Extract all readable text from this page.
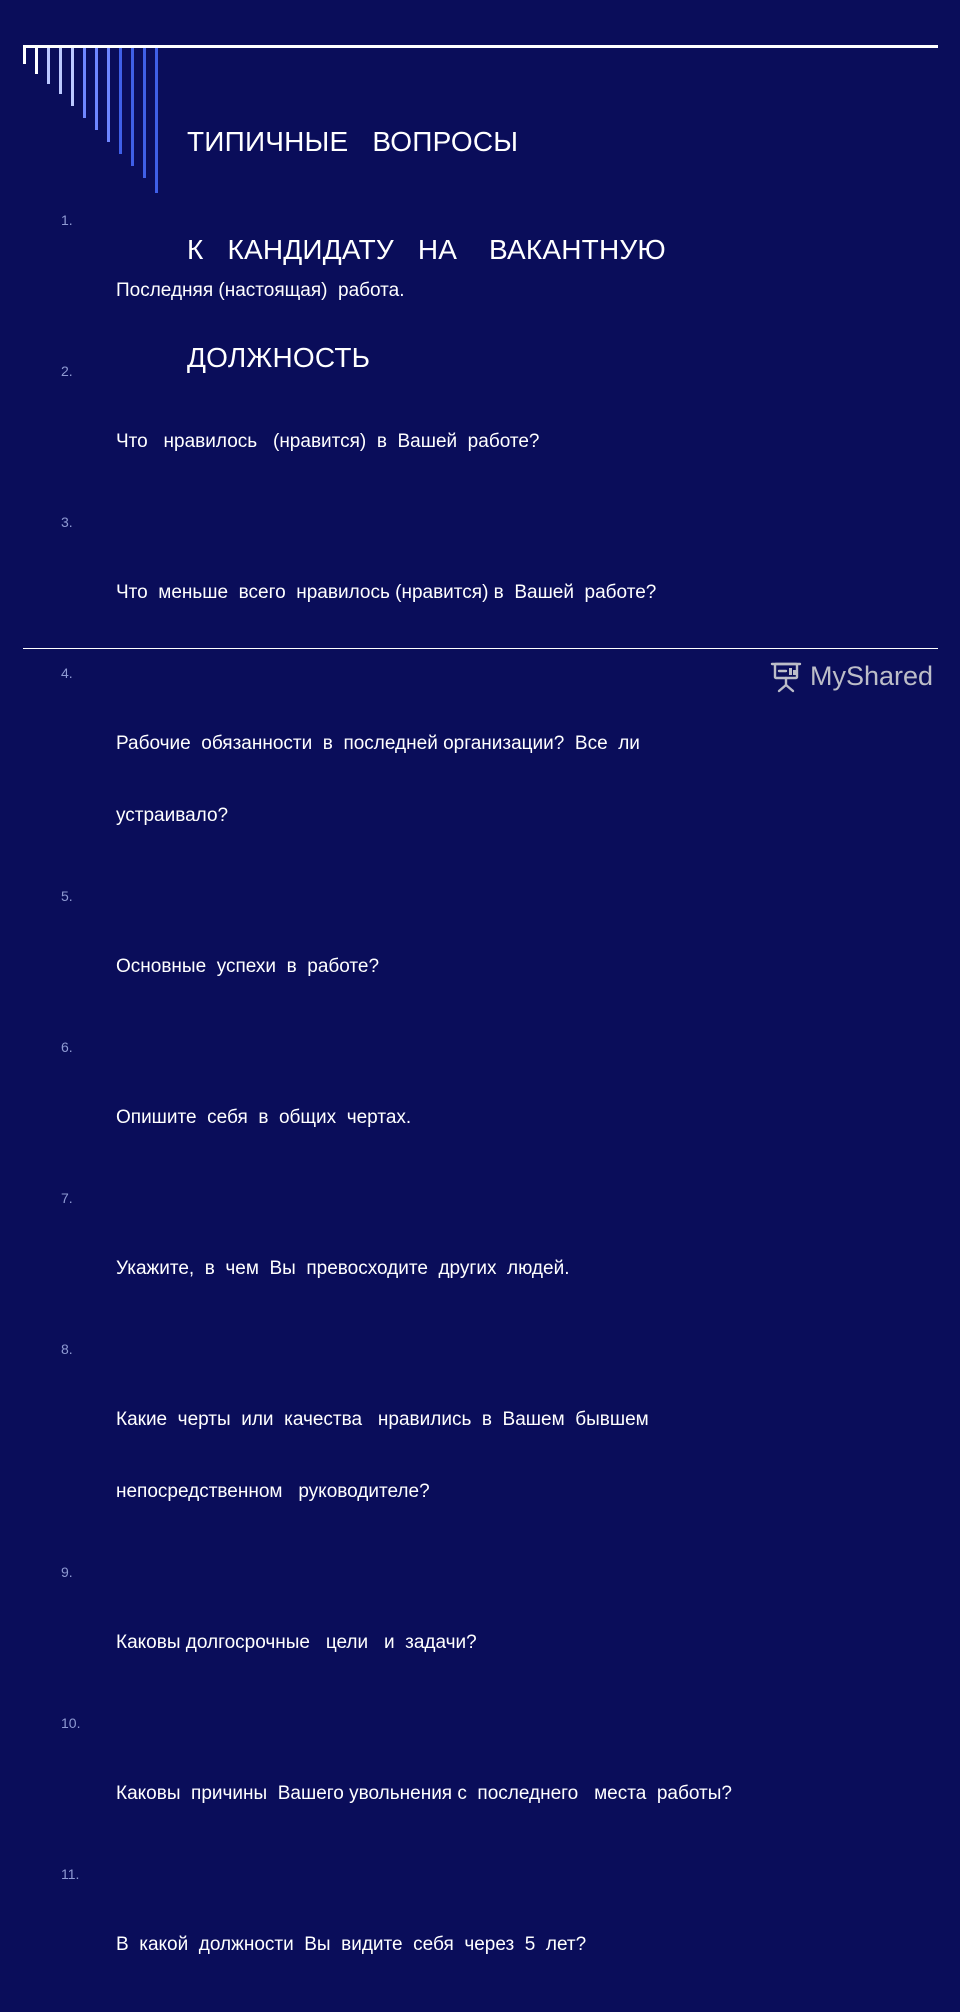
ТИПИЧНЫЕ   ВОПРОСЫ

К   КАНДИДАТУ   НА    ВАКАНТНУЮ

ДОЛЖНОСТЬ

1.

Последняя (настоящая)  работа.

2.

Что   нравилось   (нравится)  в  Вашей  работе?

3.

Что  меньше  всего  нравилось (нравится) в  Вашей  работе?

4.

Рабочие  обязанности  в  последней организации?  Все  ли

устраивало?

5.

Основные  успехи  в  работе?

6.

Опишите  себя  в  общих  чертах.

7.

Укажите,  в  чем  Вы  превосходите  других  людей.

8.

Какие  черты  или  качества   нравились  в  Вашем  бывшем

непосредственном   руководителе?

9.

Каковы долгосрочные   цели   и  задачи?

10.

Каковы  причины  Вашего увольнения с  последнего   места  работы?

11.

В  какой  должности  Вы  видите  себя  через  5  лет?

MyShared
